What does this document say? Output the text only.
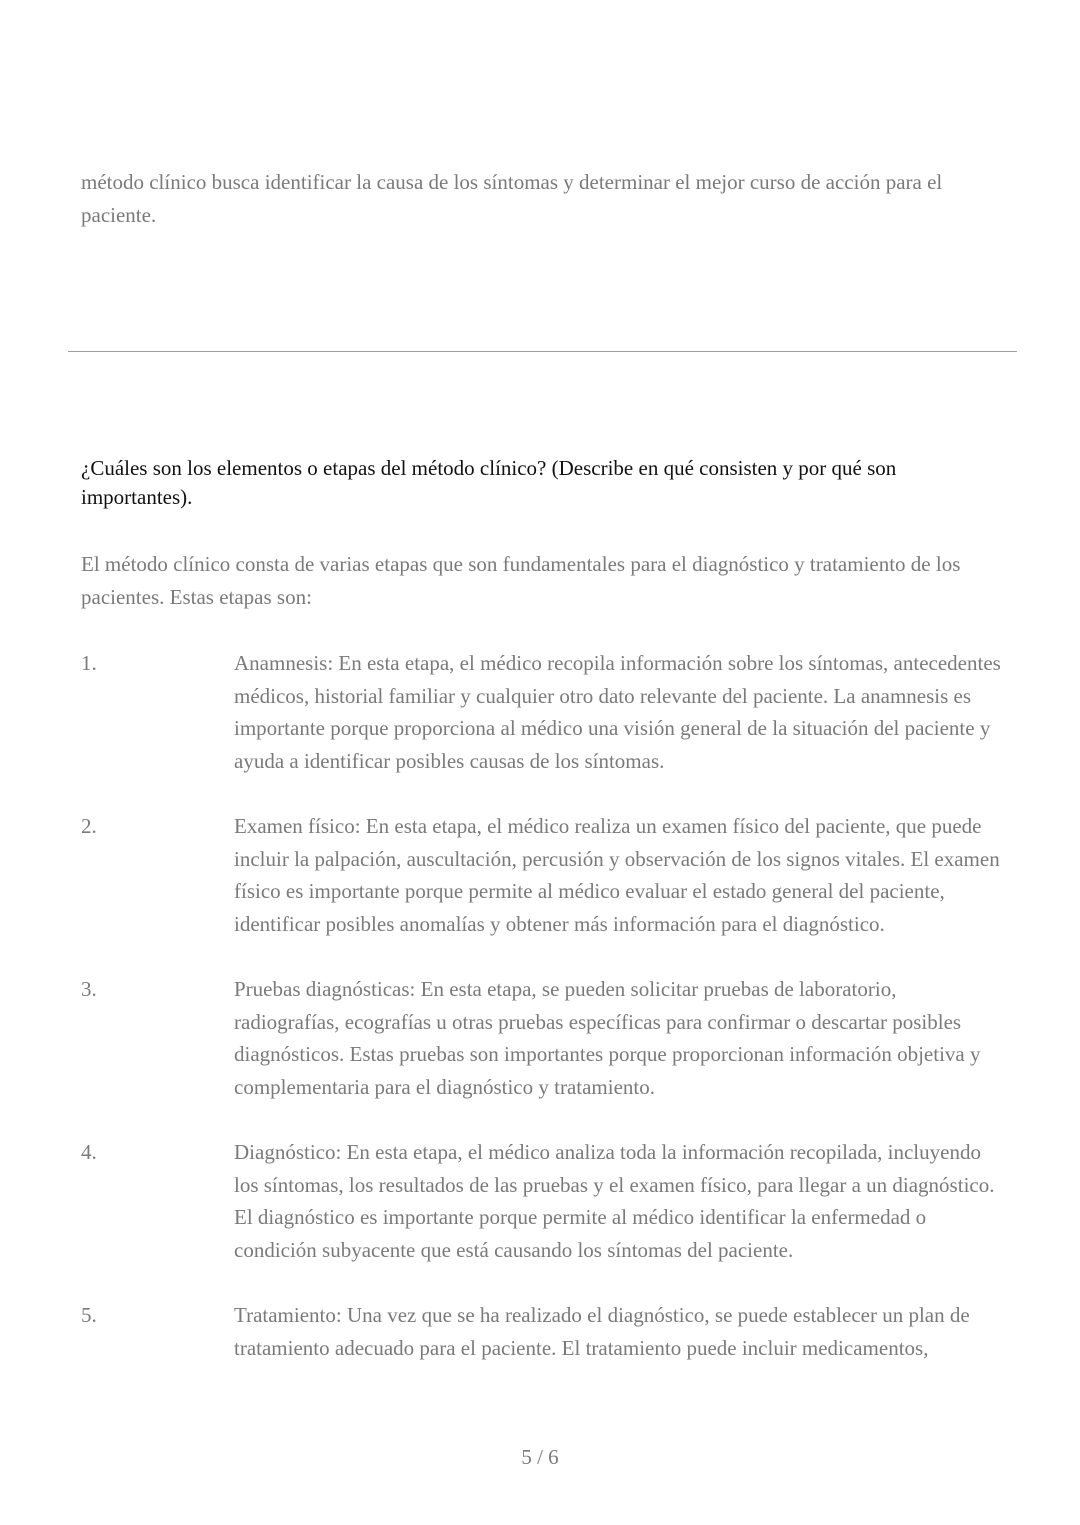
método clínico busca identificar la causa de los síntomas y determinar el mejor curso de acción para el paciente.

¿Cuáles son los elementos o etapas del método clínico? (Describe en qué consisten y por qué son importantes).

El método clínico consta de varias etapas que son fundamentales para el diagnóstico y tratamiento de los pacientes. Estas etapas son:

1.	Anamnesis: En esta etapa, el médico recopila información sobre los síntomas, antecedentes médicos, historial familiar y cualquier otro dato relevante del paciente. La anamnesis es importante porque proporciona al médico una visión general de la situación del paciente y ayuda a identificar posibles causas de los síntomas.
2.	Examen físico: En esta etapa, el médico realiza un examen físico del paciente, que puede incluir la palpación, auscultación, percusión y observación de los signos vitales. El examen físico es importante porque permite al médico evaluar el estado general del paciente, identificar posibles anomalías y obtener más información para el diagnóstico.
3.	Pruebas diagnósticas: En esta etapa, se pueden solicitar pruebas de laboratorio, radiografías, ecografías u otras pruebas específicas para confirmar o descartar posibles diagnósticos. Estas pruebas son importantes porque proporcionan información objetiva y complementaria para el diagnóstico y tratamiento.
4.	Diagnóstico: En esta etapa, el médico analiza toda la información recopilada, incluyendo los síntomas, los resultados de las pruebas y el examen físico, para llegar a un diagnóstico. El diagnóstico es importante porque permite al médico identificar la enfermedad o condición subyacente que está causando los síntomas del paciente.
5.	Tratamiento: Una vez que se ha realizado el diagnóstico, se puede establecer un plan de tratamiento adecuado para el paciente. El tratamiento puede incluir medicamentos,
5 / 6
